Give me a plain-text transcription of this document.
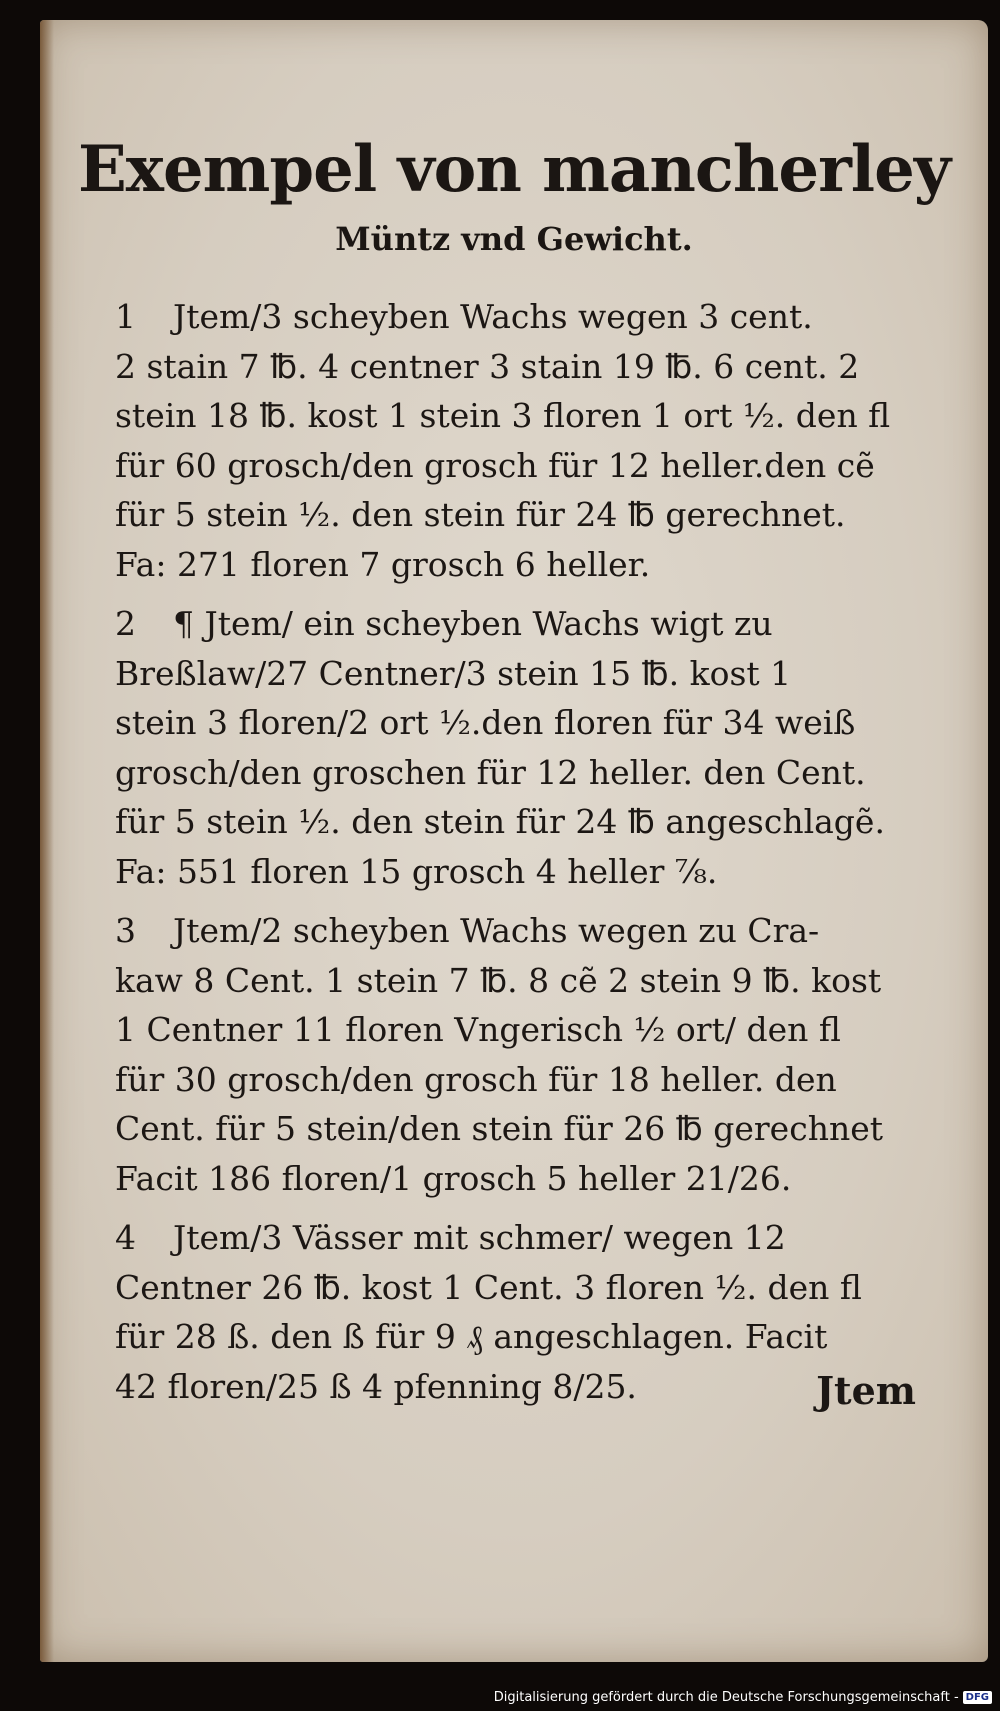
Exempel von mancherley
Müntz vnd Gewicht.
1 Jtem/3 scheyben Wachs wegen 3 cent.
2 stain 7 ℔. 4 centner 3 stain 19 ℔. 6 cent. 2
stein 18 ℔. kost 1 stein 3 floren 1 ort ½. den fl
für 60 grosch/den grosch für 12 heller.den cẽ
für 5 stein ½. den stein für 24 ℔ gerechnet.
Fa: 271 floren 7 grosch 6 heller.
2 ¶ Jtem/ ein scheyben Wachs wigt zu
Breßlaw/27 Centner/3 stein 15 ℔. kost 1
stein 3 floren/2 ort ½.den floren für 34 weiß
grosch/den groschen für 12 heller. den Cent.
für 5 stein ½. den stein für 24 ℔ angeschlagẽ.
Fa: 551 floren 15 grosch 4 heller ⅞.
3 Jtem/2 scheyben Wachs wegen zu Cra-
kaw 8 Cent. 1 stein 7 ℔. 8 cẽ 2 stein 9 ℔. kost
1 Centner 11 floren Vngerisch ½ ort/ den fl
für 30 grosch/den grosch für 18 heller. den
Cent. für 5 stein/den stein für 26 ℔ gerechnet
Facit 186 floren/1 grosch 5 heller 21/26.
4 Jtem/3 Vässer mit schmer/ wegen 12
Centner 26 ℔. kost 1 Cent. 3 floren ½. den fl
für 28 ß. den ß für 9 ₰ angeschlagen. Facit
42 floren/25 ß 4 pfenning 8/25.	Jtem
Digitalisierung gefördert durch die Deutsche Forschungsgemeinschaft - DFG
